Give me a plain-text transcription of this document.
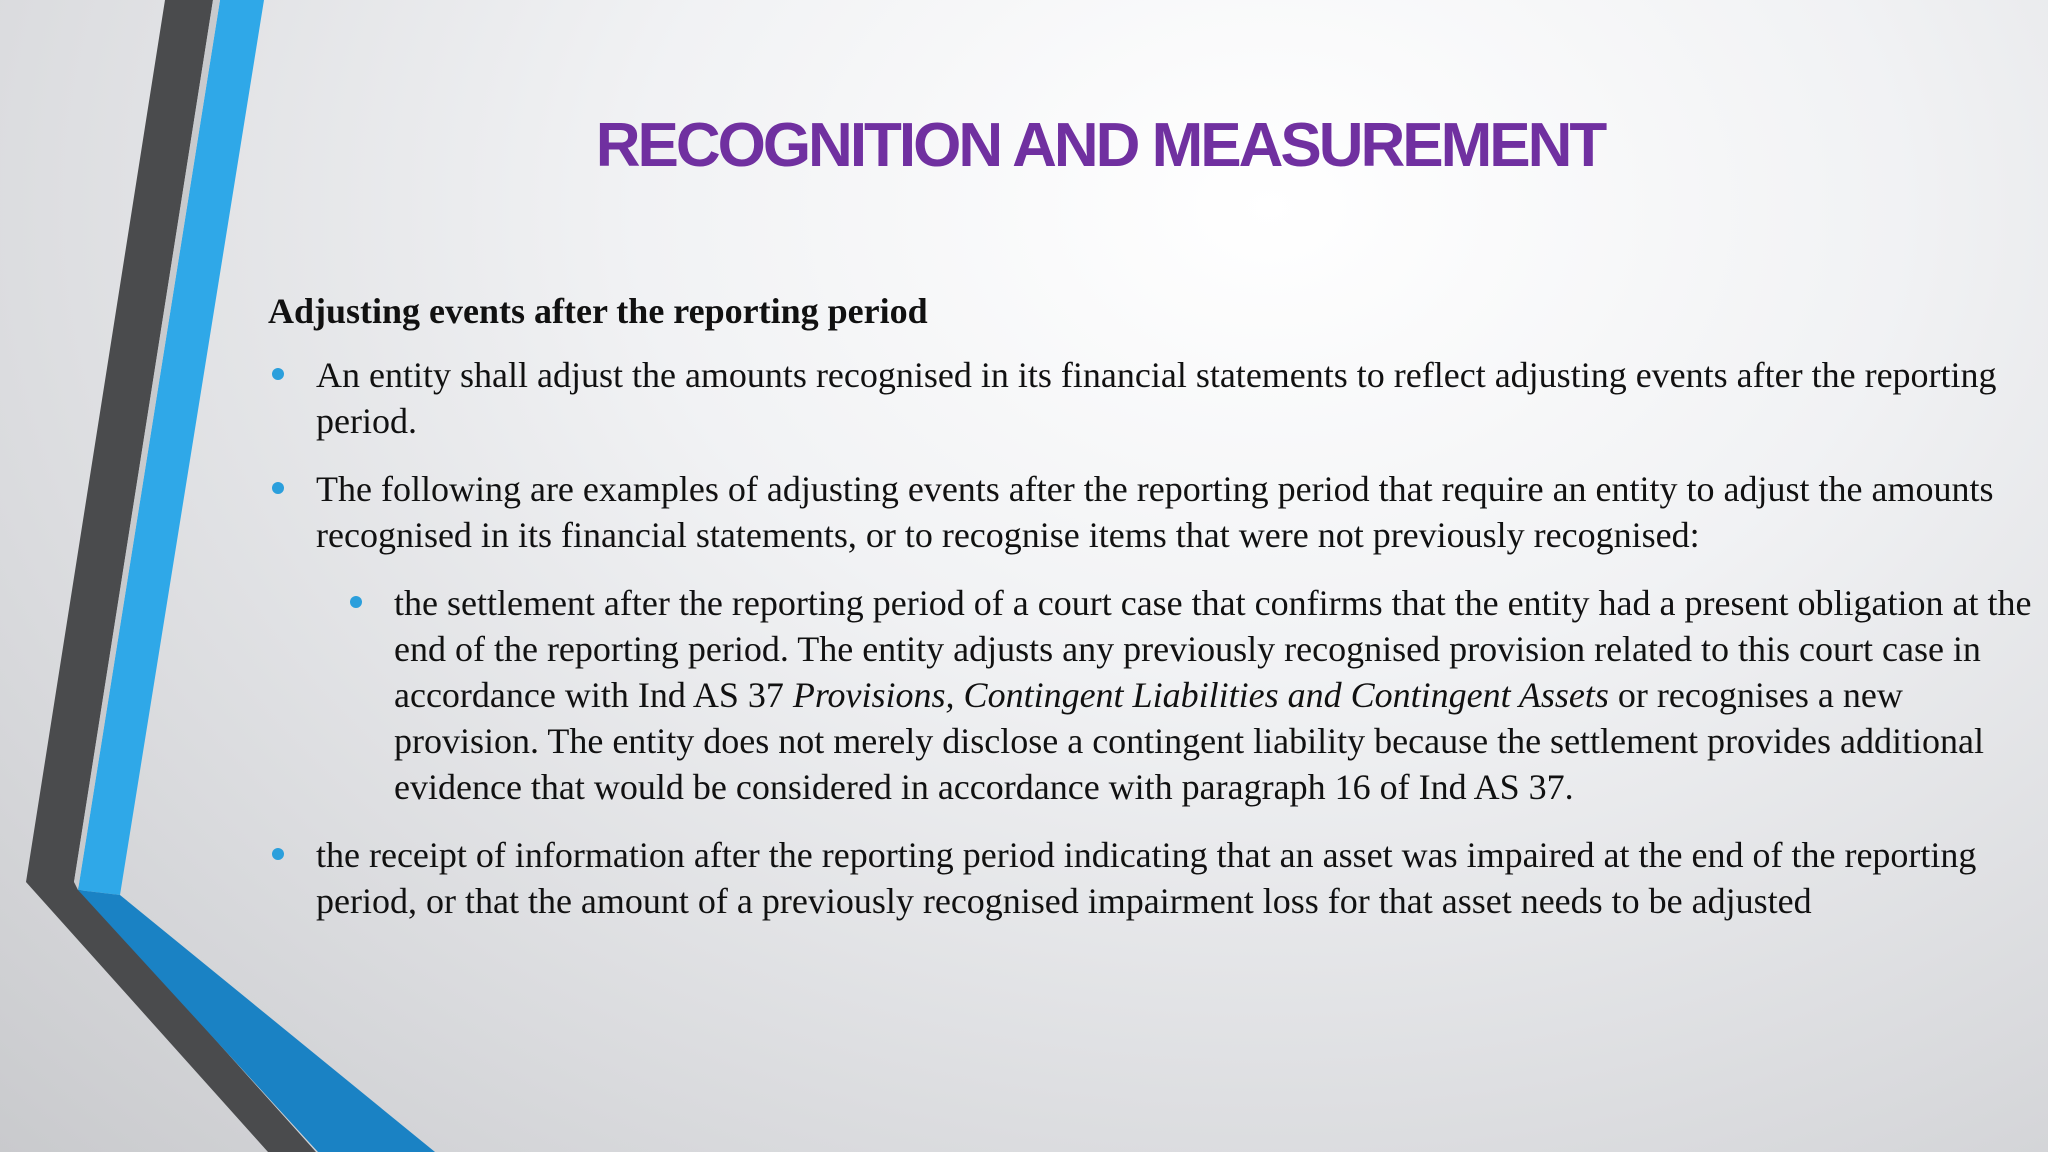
RECOGNITION AND MEASUREMENT
Adjusting events after the reporting period
An entity shall adjust the amounts recognised in its financial statements to reflect adjusting events after the reporting period.
The following are examples of adjusting events after the reporting period that require an entity to adjust the amounts recognised in its financial statements, or to recognise items that were not previously recognised:
the settlement after the reporting period of a court case that confirms that the entity had a present obligation at the end of the reporting period. The entity adjusts any previously recognised provision related to this court case in accordance with Ind AS 37 Provisions, Contingent Liabilities and Contingent Assets or recognises a new provision. The entity does not merely disclose a contingent liability because the settlement provides additional evidence that would be considered in accordance with paragraph 16 of Ind AS 37.
the receipt of information after the reporting period indicating that an asset was impaired at the end of the reporting period, or that the amount of a previously recognised impairment loss for that asset needs to be adjusted
